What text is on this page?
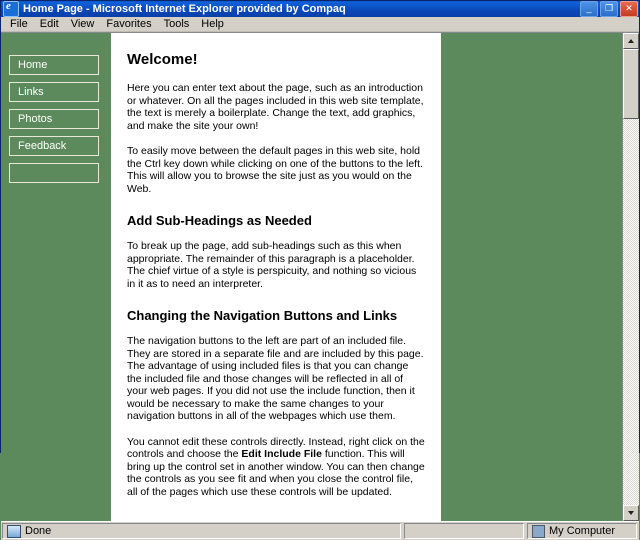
e
Home Page - Microsoft Internet Explorer provided by Compaq	_	❐	✕
File	Edit	View	Favorites	Tools	Help
Home
Links
Photos
Feedback
Welcome!

Here you can enter text about the page, such as an introduction or whatever. On all the pages included in this web site template, the text is merely a boilerplate. Change the text, add graphics, and make the site your own!

To easily move between the default pages in this web site, hold the Ctrl key down while clicking on one of the buttons to the left. This will allow you to browse the site just as you would on the Web.

Add Sub-Headings as Needed

To break up the page, add sub-headings such as this when appropriate. The remainder of this paragraph is a placeholder. The chief virtue of a style is perspicuity, and nothing so vicious in it as to need an interpreter.

Changing the Navigation Buttons and Links

The navigation buttons to the left are part of an included file. They are stored in a separate file and are included by this page. The advantage of using included files is that you can change the included file and those changes will be reflected in all of your web pages. If you did not use the include function, then it would be necessary to make the same changes to your navigation buttons in all of the webpages which use them.

You cannot edit these controls directly. Instead, right click on the controls and choose the Edit Include File function. This will bring up the control set in another window. You can then change the controls as you see fit and when you close the control file, all of the pages which use these controls will be updated.

Done	My Computer
